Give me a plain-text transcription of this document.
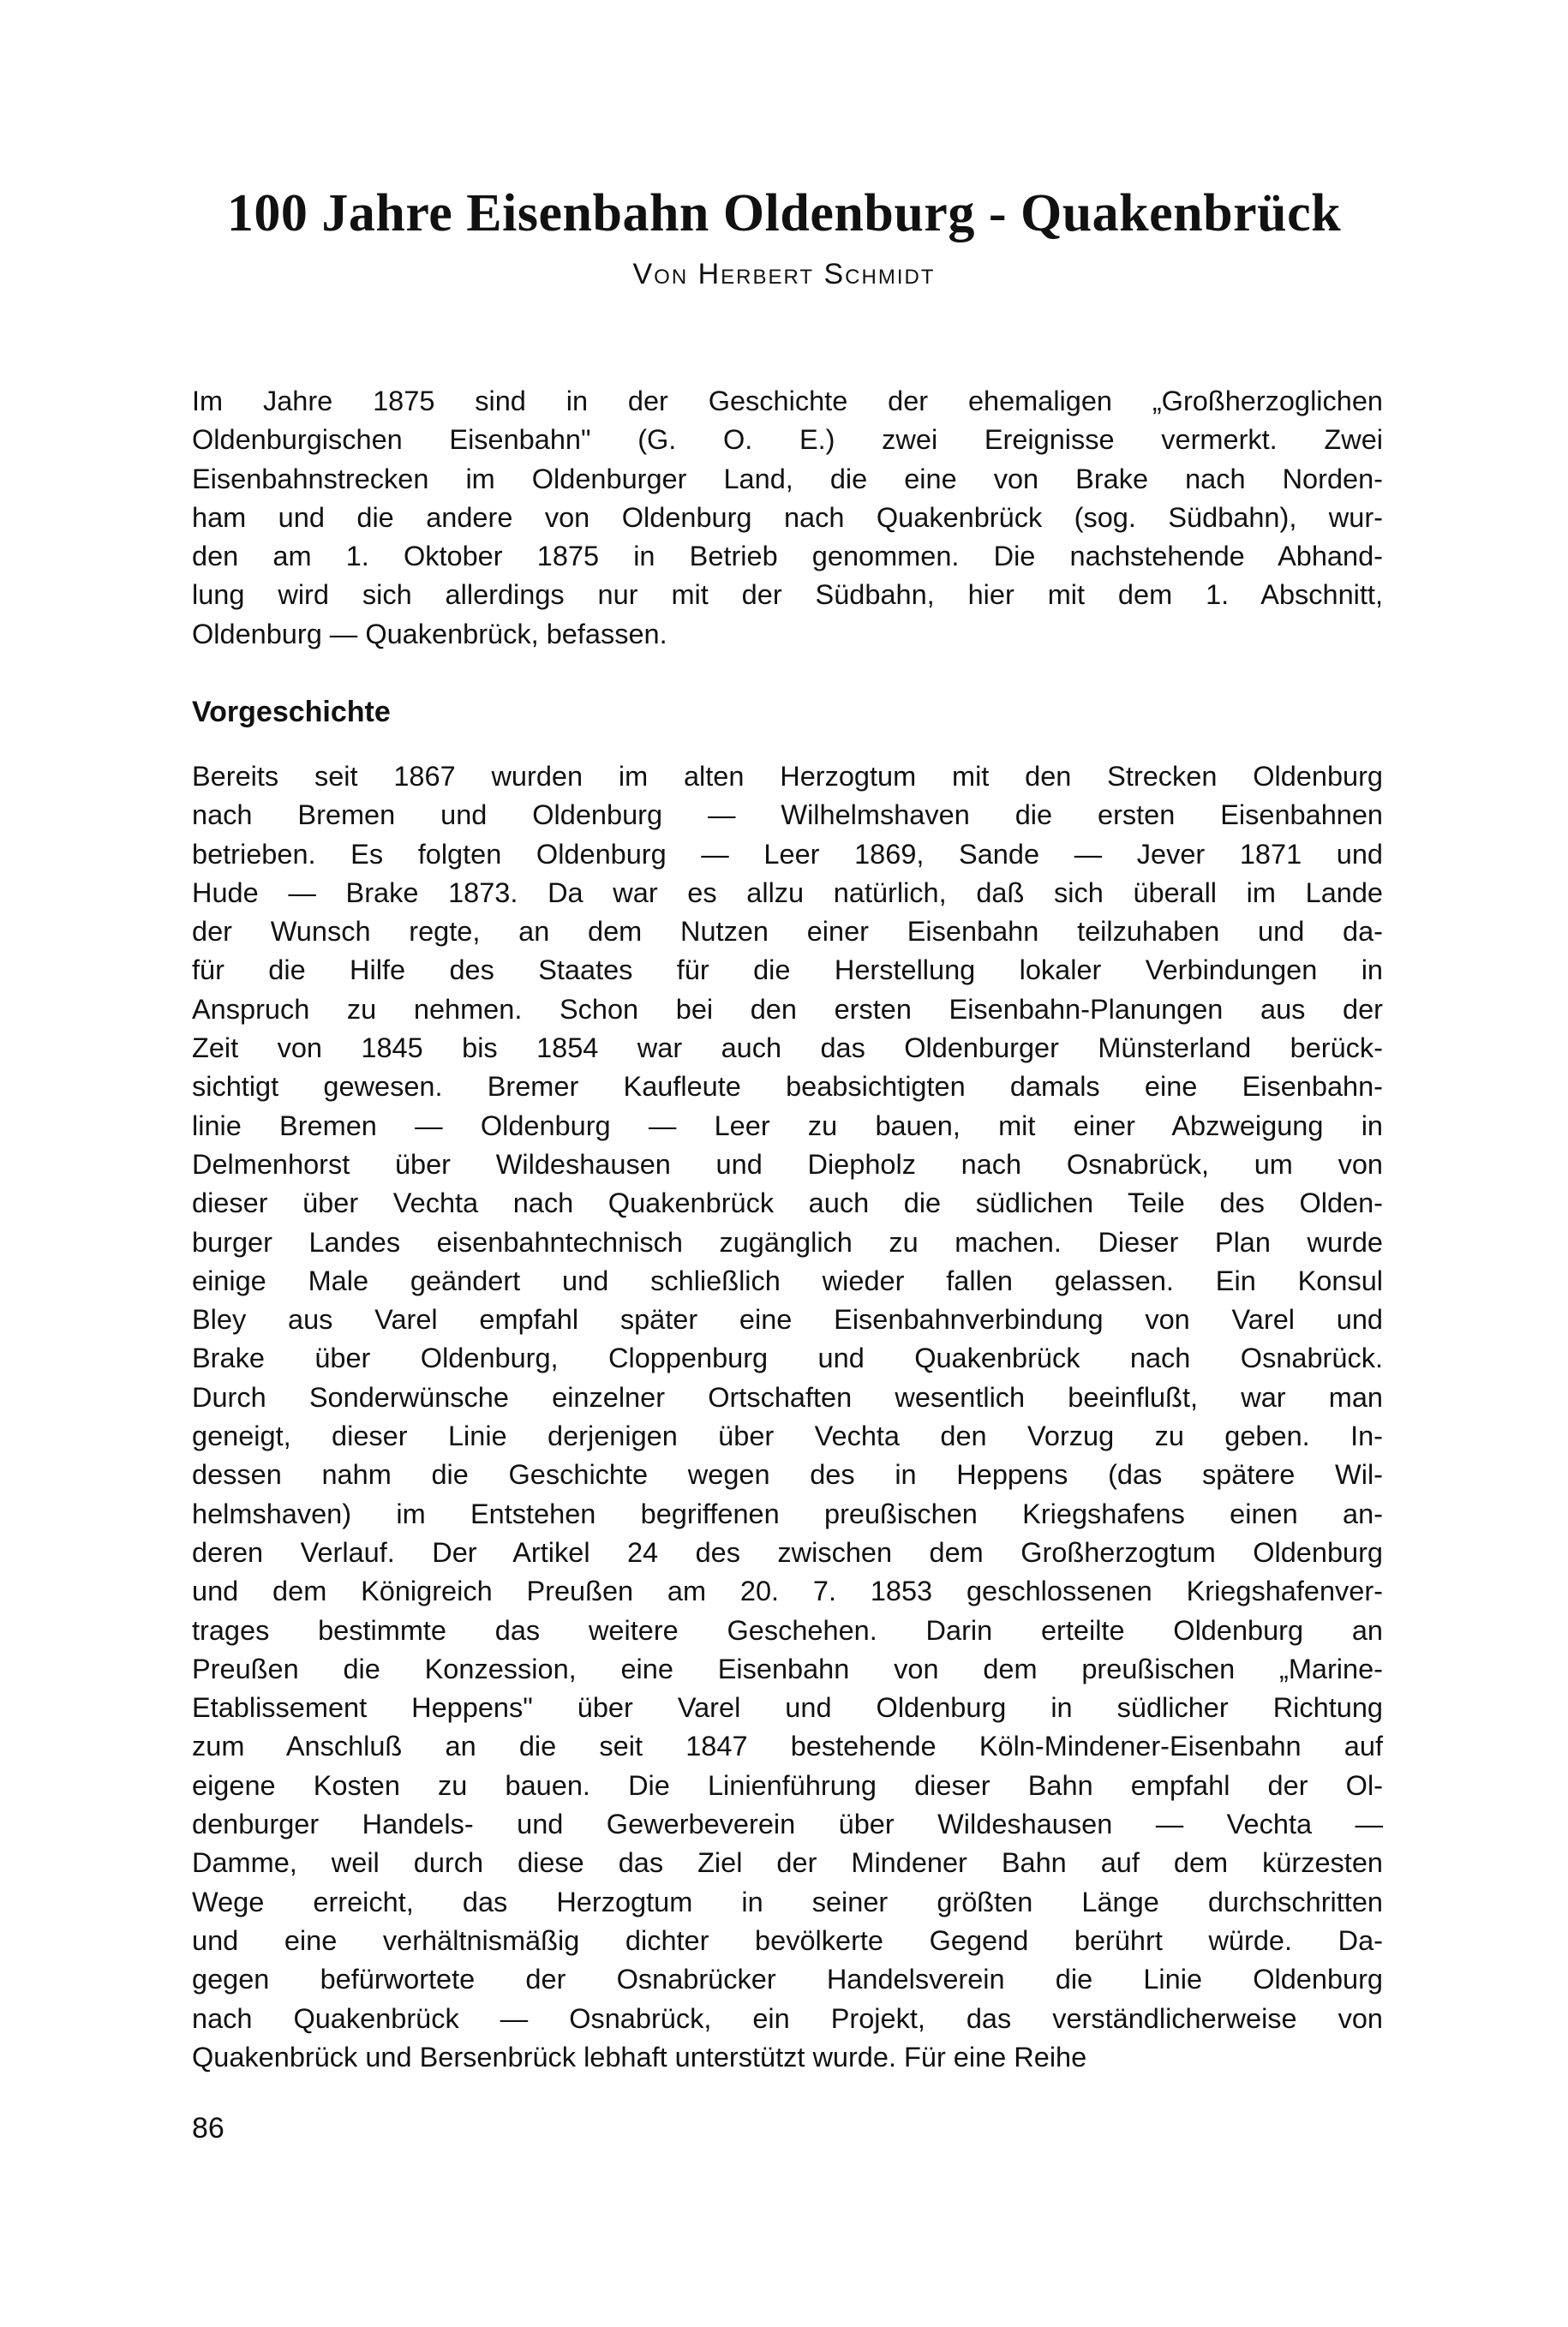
100 Jahre Eisenbahn Oldenburg - Quakenbrück
Von Herbert Schmidt
Im Jahre 1875 sind in der Geschichte der ehemaligen „Großherzoglichen
Oldenburgischen Eisenbahn" (G. O. E.) zwei Ereignisse vermerkt. Zwei
Eisenbahnstrecken im Oldenburger Land, die eine von Brake nach Norden-
ham und die andere von Oldenburg nach Quakenbrück (sog. Südbahn), wur-
den am 1. Oktober 1875 in Betrieb genommen. Die nachstehende Abhand-
lung wird sich allerdings nur mit der Südbahn, hier mit dem 1. Abschnitt,
Oldenburg — Quakenbrück, befassen.
Vorgeschichte
Bereits seit 1867 wurden im alten Herzogtum mit den Strecken Oldenburg
nach Bremen und Oldenburg — Wilhelmshaven die ersten Eisenbahnen
betrieben. Es folgten Oldenburg — Leer 1869, Sande — Jever 1871 und
Hude — Brake 1873. Da war es allzu natürlich, daß sich überall im Lande
der Wunsch regte, an dem Nutzen einer Eisenbahn teilzuhaben und da-
für die Hilfe des Staates für die Herstellung lokaler Verbindungen in
Anspruch zu nehmen. Schon bei den ersten Eisenbahn-Planungen aus der
Zeit von 1845 bis 1854 war auch das Oldenburger Münsterland berück-
sichtigt gewesen. Bremer Kaufleute beabsichtigten damals eine Eisenbahn-
linie Bremen — Oldenburg — Leer zu bauen, mit einer Abzweigung in
Delmenhorst über Wildeshausen und Diepholz nach Osnabrück, um von
dieser über Vechta nach Quakenbrück auch die südlichen Teile des Olden-
burger Landes eisenbahntechnisch zugänglich zu machen. Dieser Plan wurde
einige Male geändert und schließlich wieder fallen gelassen. Ein Konsul
Bley aus Varel empfahl später eine Eisenbahnverbindung von Varel und
Brake über Oldenburg, Cloppenburg und Quakenbrück nach Osnabrück.
Durch Sonderwünsche einzelner Ortschaften wesentlich beeinflußt, war man
geneigt, dieser Linie derjenigen über Vechta den Vorzug zu geben. In-
dessen nahm die Geschichte wegen des in Heppens (das spätere Wil-
helmshaven) im Entstehen begriffenen preußischen Kriegshafens einen an-
deren Verlauf. Der Artikel 24 des zwischen dem Großherzogtum Oldenburg
und dem Königreich Preußen am 20. 7. 1853 geschlossenen Kriegshafenver-
trages bestimmte das weitere Geschehen. Darin erteilte Oldenburg an
Preußen die Konzession, eine Eisenbahn von dem preußischen „Marine-
Etablissement Heppens" über Varel und Oldenburg in südlicher Richtung
zum Anschluß an die seit 1847 bestehende Köln-Mindener-Eisenbahn auf
eigene Kosten zu bauen. Die Linienführung dieser Bahn empfahl der Ol-
denburger Handels- und Gewerbeverein über Wildeshausen — Vechta —
Damme, weil durch diese das Ziel der Mindener Bahn auf dem kürzesten
Wege erreicht, das Herzogtum in seiner größten Länge durchschritten
und eine verhältnismäßig dichter bevölkerte Gegend berührt würde. Da-
gegen befürwortete der Osnabrücker Handelsverein die Linie Oldenburg
nach Quakenbrück — Osnabrück, ein Projekt, das verständlicherweise von
Quakenbrück und Bersenbrück lebhaft unterstützt wurde. Für eine Reihe
86
